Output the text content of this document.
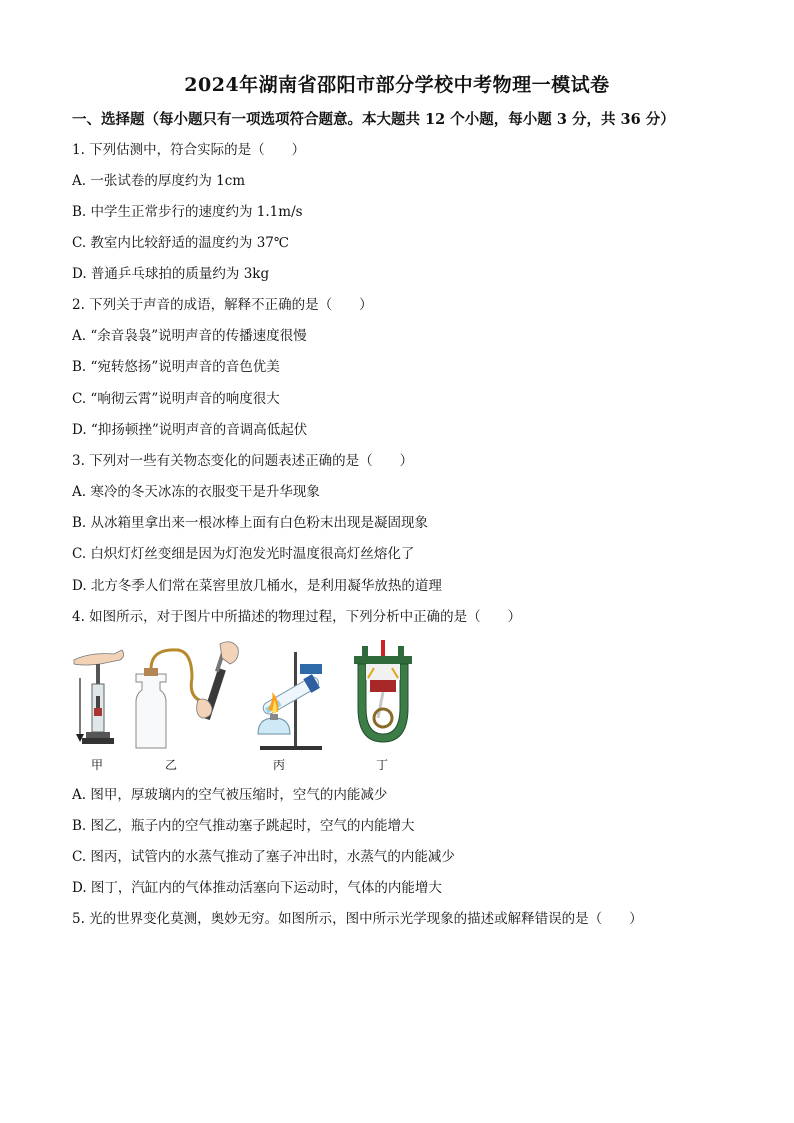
2024年湖南省邵阳市部分学校中考物理一模试卷
一、选择题（每小题只有一项选项符合题意。本大题共 12 个小题，每小题 3 分，共 36 分）
1. 下列估测中，符合实际的是（　　）
A. 一张试卷的厚度约为 1cm
B. 中学生正常步行的速度约为 1.1m/s
C. 教室内比较舒适的温度约为 37℃
D. 普通乒乓球拍的质量约为 3kg
2. 下列关于声音的成语，解释不正确的是（　　）
A. “余音袅袅”说明声音的传播速度很慢
B. “宛转悠扬”说明声音的音色优美
C. “响彻云霄”说明声音的响度很大
D. “抑扬顿挫”说明声音的音调高低起伏
3. 下列对一些有关物态变化的问题表述正确的是（　　）
A. 寒冷的冬天冰冻的衣服变干是升华现象
B. 从冰箱里拿出来一根冰棒上面有白色粉末出现是凝固现象
C. 白炽灯灯丝变细是因为灯泡发光时温度很高灯丝熔化了
D. 北方冬季人们常在菜窖里放几桶水，是利用凝华放热的道理
4. 如图所示，对于图片中所描述的物理过程，下列分析中正确的是（　　）
甲	乙	丙	丁
A. 图甲，厚玻璃内的空气被压缩时，空气的内能减少
B. 图乙，瓶子内的空气推动塞子跳起时，空气的内能增大
C. 图丙，试管内的水蒸气推动了塞子冲出时，水蒸气的内能减少
D. 图丁，汽缸内的气体推动活塞向下运动时，气体的内能增大
5. 光的世界变化莫测，奥妙无穷。如图所示，图中所示光学现象的描述或解释错误的是（　　）
